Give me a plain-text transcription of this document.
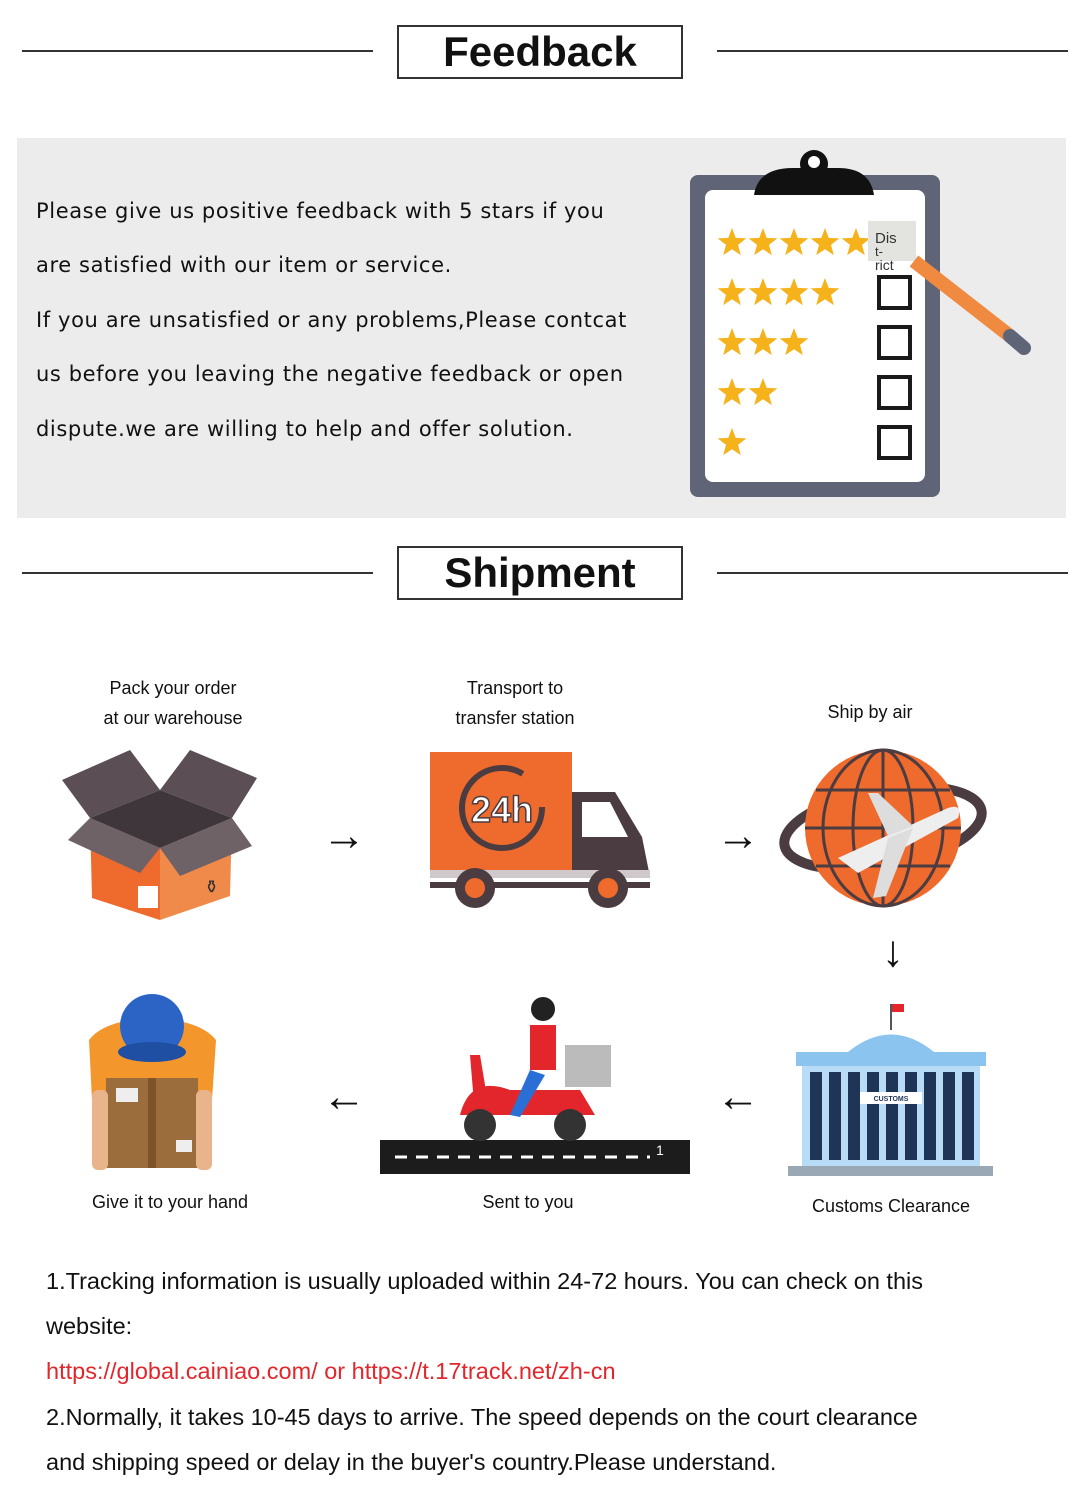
Feedback
Please give us positive feedback with 5 stars if you
are satisfied with our item or service.
If you are unsatisfied or any problems,Please contcat
us before you leaving the negative feedback or open
dispute.we are willing to help and offer solution.
Dis
t-
rict
Shipment
Pack your order
at our warehouse
Transport to
transfer station	Ship by air
Customs Clearance
Sent to you
Give it to your hand
→	→
↓
←
←
⚱
24h
CUSTOMS
1
1.Tracking information is usually uploaded within 24-72 hours. You can check on this
website:
https://global.cainiao.com/ or https://t.17track.net/zh-cn
2.Normally, it takes 10-45 days to arrive. The speed depends on the court clearance
and shipping speed or delay in the buyer's country.Please understand.
